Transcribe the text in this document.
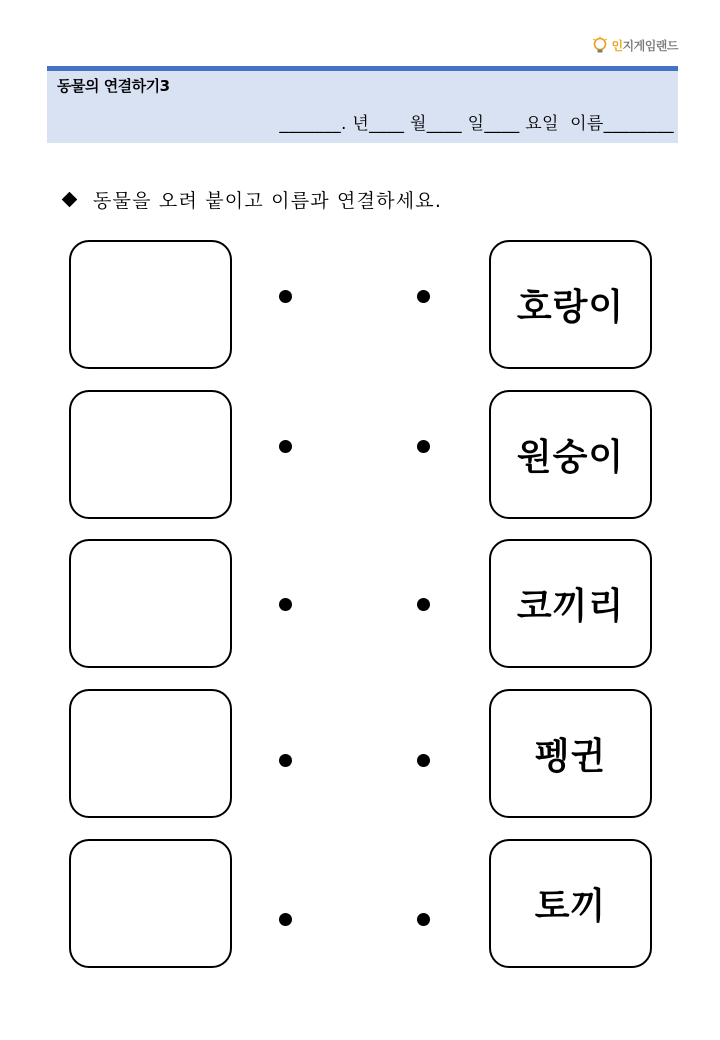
인지게임랜드
동물의 연결하기3
_______. 년____ 월____ 일____ 요일  이름________
동물을 오려 붙이고 이름과 연결하세요.
호랑이
원숭이
코끼리
펭귄
토끼
